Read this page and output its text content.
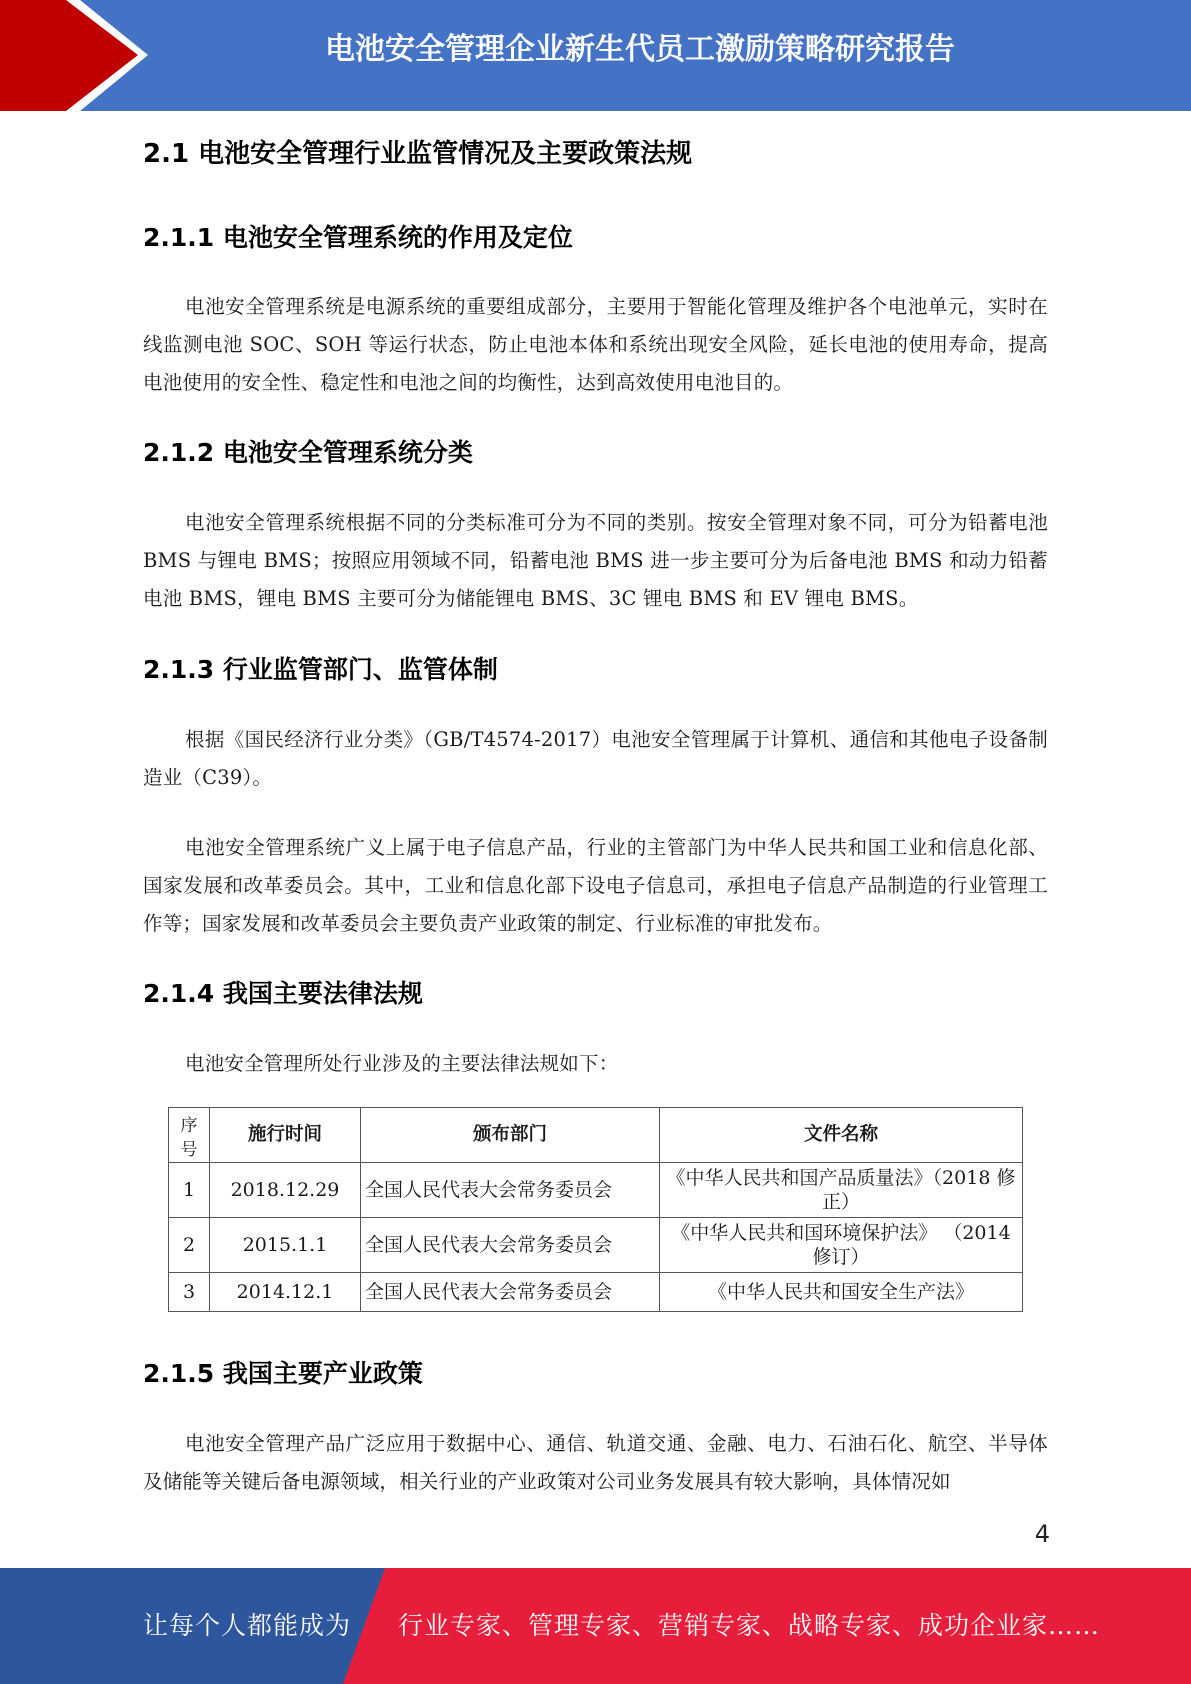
电池安全管理企业新生代员工激励策略研究报告
2.1 电池安全管理行业监管情况及主要政策法规
2.1.1 电池安全管理系统的作用及定位

电池安全管理系统是电源系统的重要组成部分，主要用于智能化管理及维护各个电池单元，实时在线监测电池 SOC、SOH 等运行状态，防止电池本体和系统出现安全风险，延长电池的使用寿命，提高电池使用的安全性、稳定性和电池之间的均衡性，达到高效使用电池目的。

2.1.2 电池安全管理系统分类

电池安全管理系统根据不同的分类标准可分为不同的类别。按安全管理对象不同，可分为铅蓄电池 BMS 与锂电 BMS；按照应用领域不同，铅蓄电池 BMS 进一步主要可分为后备电池 BMS 和动力铅蓄电池 BMS，锂电 BMS 主要可分为储能锂电 BMS、3C 锂电 BMS 和 EV 锂电 BMS。

2.1.3 行业监管部门、监管体制

根据《国民经济行业分类》（GB/T4574-2017）电池安全管理属于计算机、通信和其他电子设备制造业（C39）。

电池安全管理系统广义上属于电子信息产品，行业的主管部门为中华人民共和国工业和信息化部、国家发展和改革委员会。其中，工业和信息化部下设电子信息司，承担电子信息产品制造的行业管理工作等；国家发展和改革委员会主要负责产业政策的制定、行业标准的审批发布。

2.1.4 我国主要法律法规

电池安全管理所处行业涉及的主要法律法规如下：

2.1.5 我国主要产业政策

电池安全管理产品广泛应用于数据中心、通信、轨道交通、金融、电力、石油石化、航空、半导体及储能等关键后备电源领域，相关行业的产业政策对公司业务发展具有较大影响，具体情况如

序号	施行时间	颁布部门	文件名称
1	2018.12.29	全国人民代表大会常务委员会	《中华人民共和国产品质量法》（2018 修正）
2	2015.1.1	全国人民代表大会常务委员会	《中华人民共和国环境保护法》 （2014 修订）
3	2014.12.1	全国人民代表大会常务委员会	《中华人民共和国安全生产法》
4
让每个人都能成为 行业专家、管理专家、营销专家、战略专家、成功企业家……
